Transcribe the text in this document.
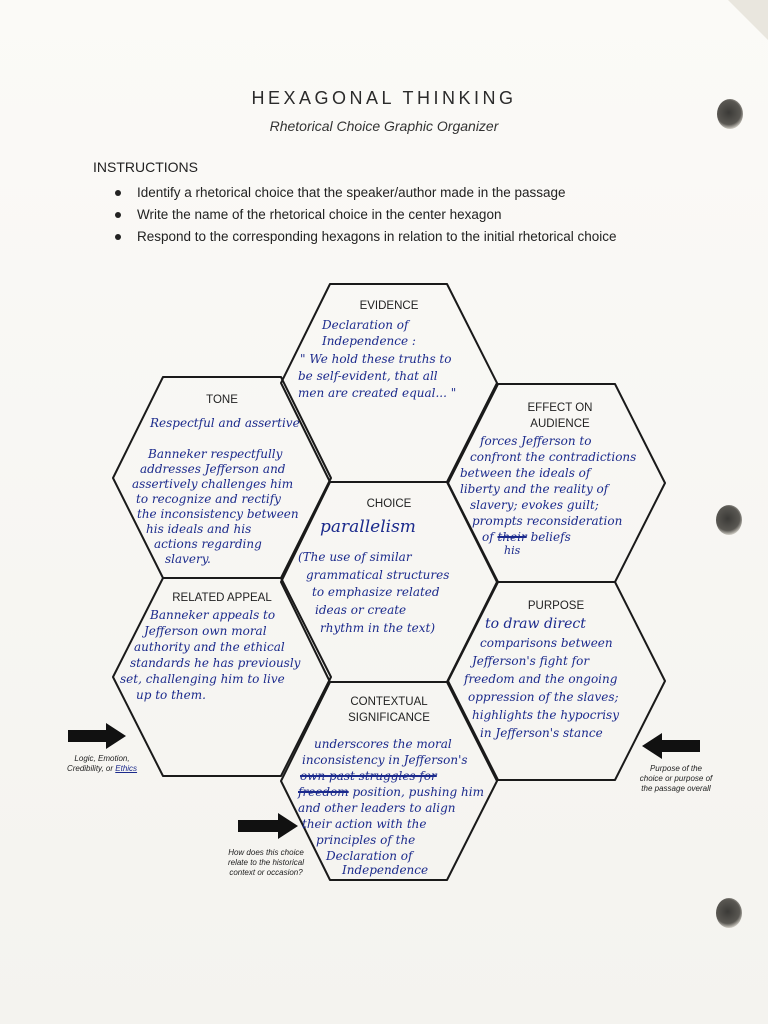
HEXAGONAL THINKING
Rhetorical Choice Graphic Organizer
INSTRUCTIONS
Identify a rhetorical choice that the speaker/author made in the passage
Write the name of the rhetorical choice in the center hexagon
Respond to the corresponding hexagons in relation to the initial rhetorical choice
EVIDENCE
Declaration of
Independence :
" We hold these truths to
be self-evident, that all
men are created equal... "
TONE
Respectful and assertive
Banneker respectfully
addresses Jefferson and
assertively challenges him
to recognize and rectify
the inconsistency between
his ideals and his
actions regarding
slavery.
EFFECT ON
AUDIENCE
forces Jefferson to
confront the contradictions
between the ideals of
liberty and the reality of
slavery; evokes guilt;
prompts reconsideration
of their beliefs
his
CHOICE
parallelism
(The use of similar
grammatical structures
to emphasize related
ideas or create
rhythm in the text)
RELATED APPEAL
Banneker appeals to
Jefferson own moral
authority and the ethical
standards he has previously
set, challenging him to live
up to them.
PURPOSE
to draw direct
comparisons between
Jefferson's fight for
freedom and the ongoing
oppression of the slaves;
highlights the hypocrisy
in Jefferson's stance
CONTEXTUAL
SIGNIFICANCE
underscores the moral
inconsistency in Jefferson's
own past struggles for
freedom position, pushing him
and other leaders to align
their action with the
principles of the
Declaration of
Independence
Logic, Emotion,
Credibility, or Ethics	Purpose of the
choice or purpose of
the passage overall
How does this choice
relate to the historical
context or occasion?
